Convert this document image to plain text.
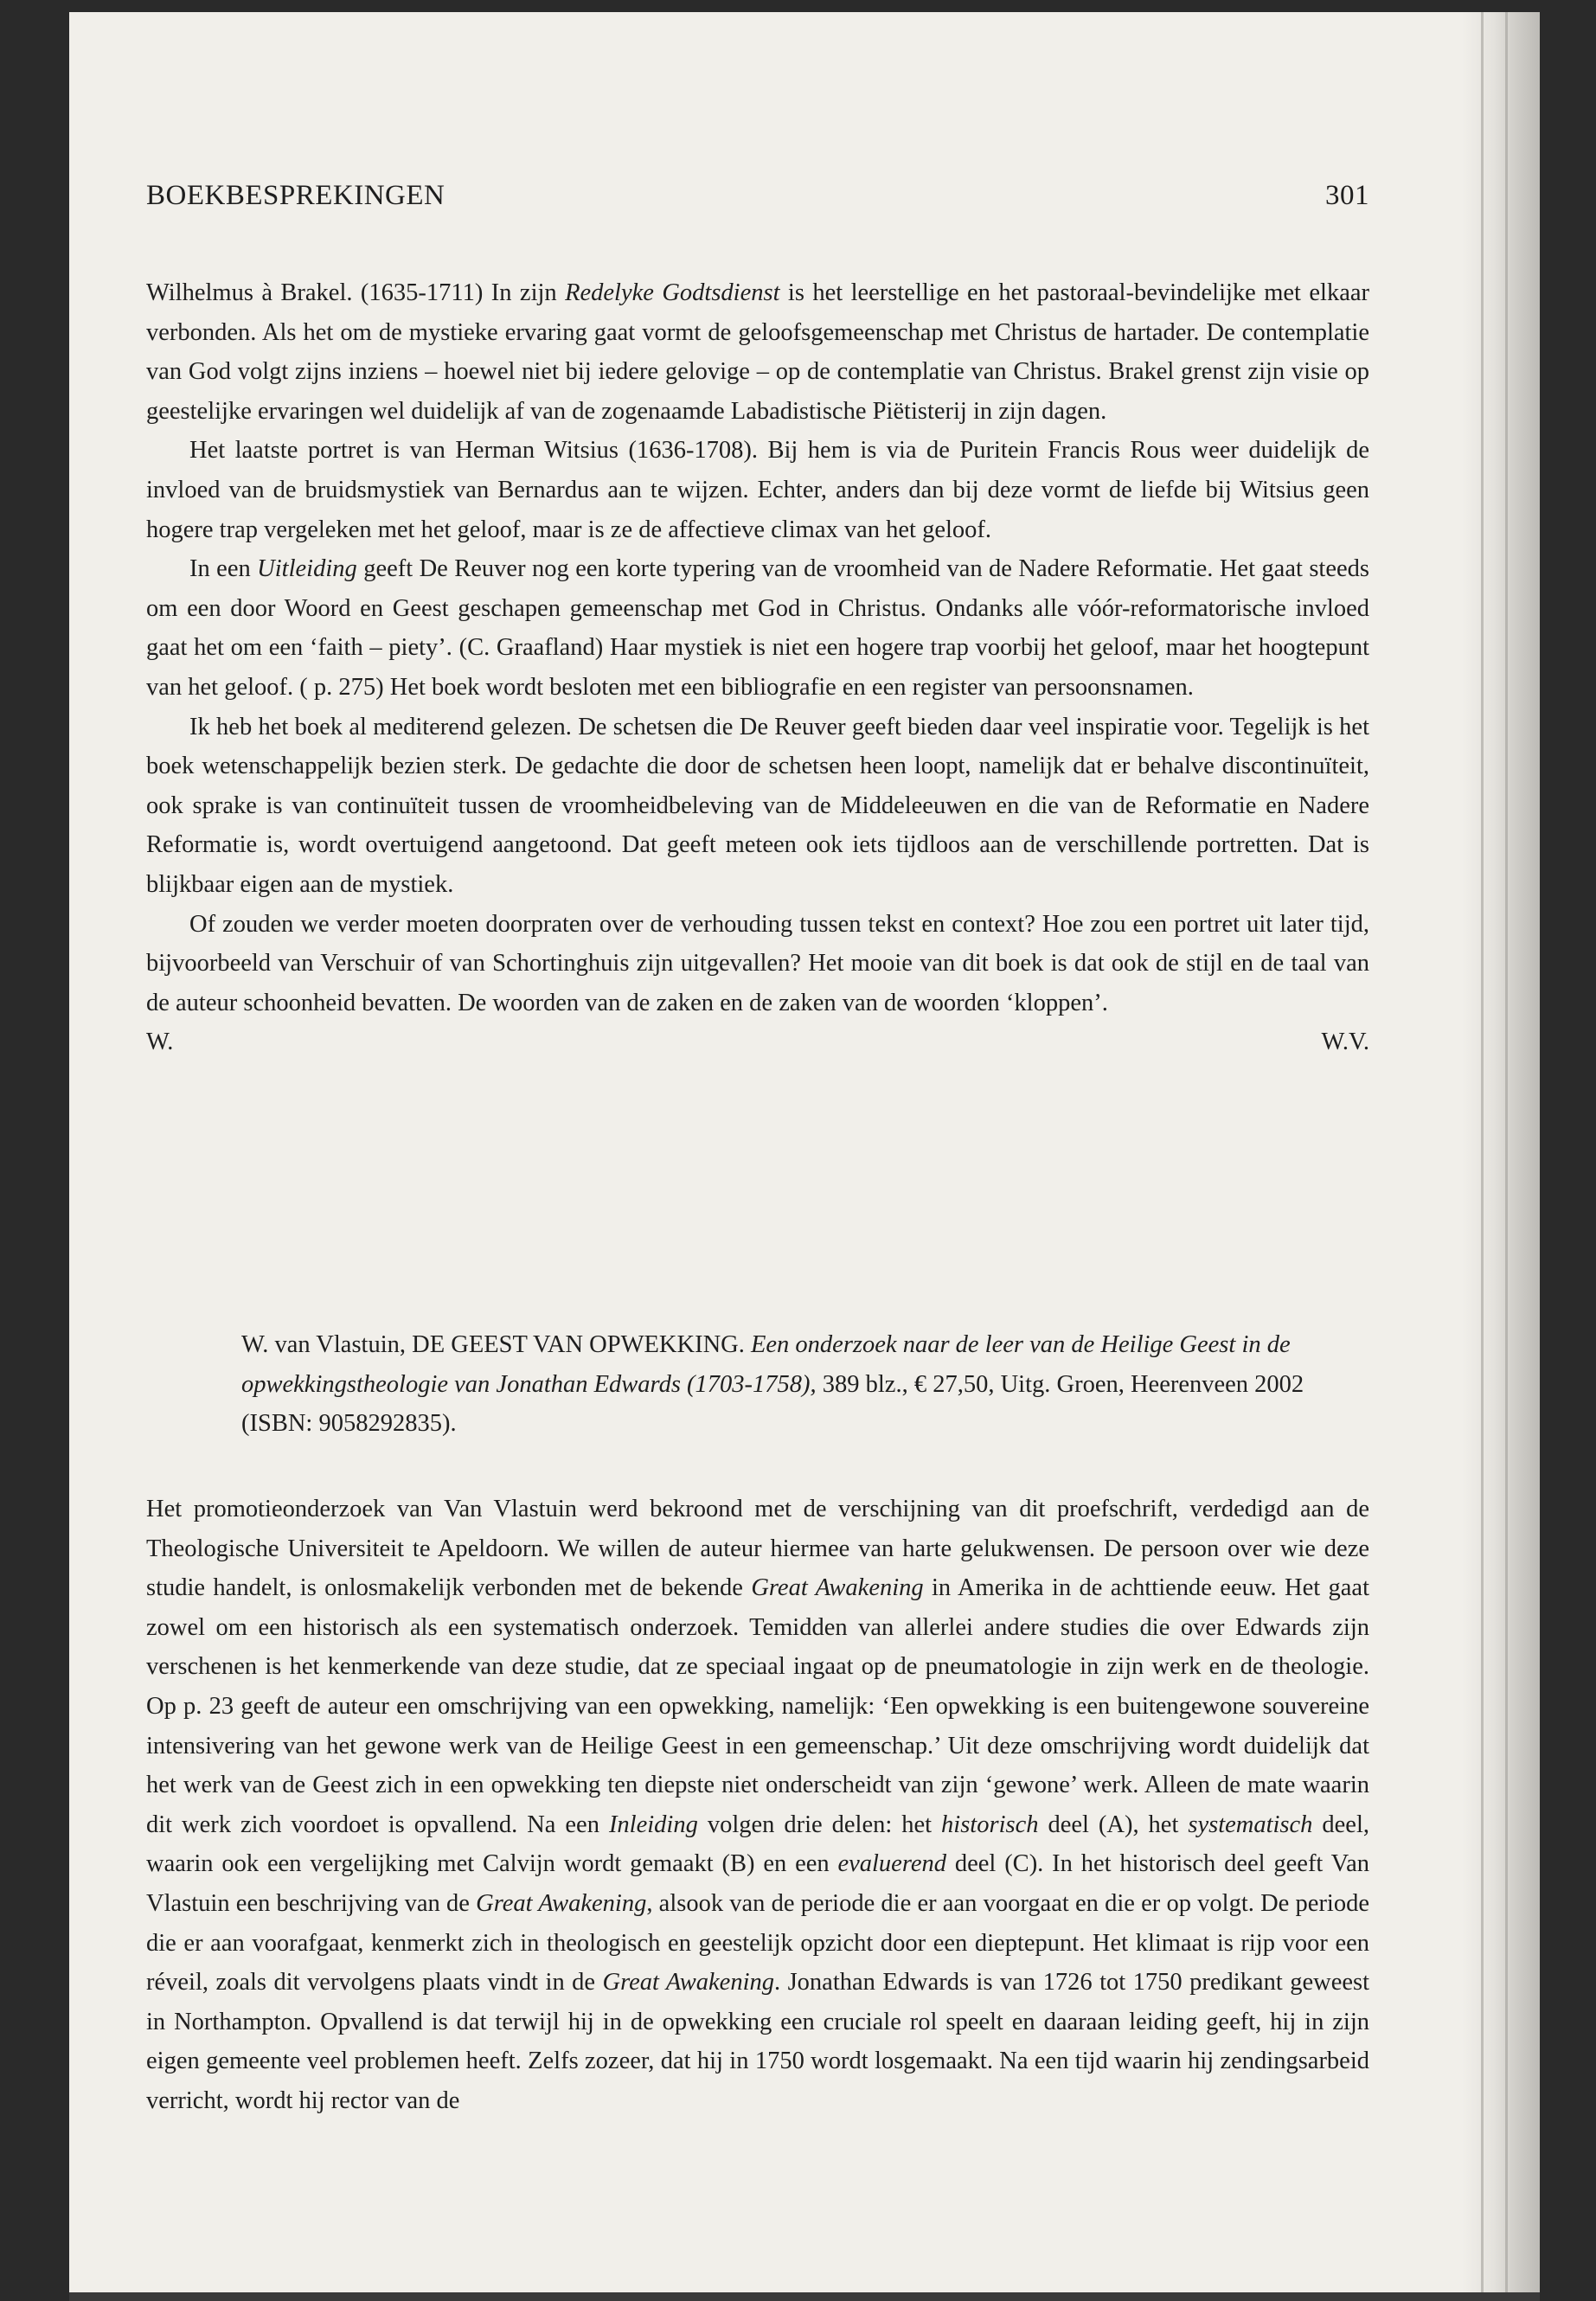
BOEKBESPREKINGEN	301

Wilhelmus à Brakel. (1635-1711) In zijn Redelyke Godtsdienst is het leerstellige en het pastoraal-bevindelijke met elkaar verbonden. Als het om de mystieke ervaring gaat vormt de geloofsgemeenschap met Christus de hartader. De contemplatie van God volgt zijns inziens – hoewel niet bij iedere gelovige – op de contemplatie van Christus. Brakel grenst zijn visie op geestelijke ervaringen wel duidelijk af van de zogenaamde Labadistische Piëtisterij in zijn dagen.

Het laatste portret is van Herman Witsius (1636-1708). Bij hem is via de Puritein Francis Rous weer duidelijk de invloed van de bruidsmystiek van Bernardus aan te wijzen. Echter, anders dan bij deze vormt de liefde bij Witsius geen hogere trap vergeleken met het geloof, maar is ze de affectieve climax van het geloof.

In een Uitleiding geeft De Reuver nog een korte typering van de vroomheid van de Nadere Reformatie. Het gaat steeds om een door Woord en Geest geschapen gemeenschap met God in Christus. Ondanks alle vóór-reformatorische invloed gaat het om een ‘faith – piety’. (C. Graafland) Haar mystiek is niet een hogere trap voorbij het geloof, maar het hoogtepunt van het geloof. ( p. 275) Het boek wordt besloten met een bibliografie en een register van persoonsnamen.

Ik heb het boek al mediterend gelezen. De schetsen die De Reuver geeft bieden daar veel inspiratie voor. Tegelijk is het boek wetenschappelijk bezien sterk. De gedachte die door de schetsen heen loopt, namelijk dat er behalve discontinuïteit, ook sprake is van continuïteit tussen de vroomheidbeleving van de Middeleeuwen en die van de Reformatie en Nadere Reformatie is, wordt overtuigend aangetoond. Dat geeft meteen ook iets tijdloos aan de verschillende portretten. Dat is blijkbaar eigen aan de mystiek.

Of zouden we verder moeten doorpraten over de verhouding tussen tekst en context? Hoe zou een portret uit later tijd, bijvoorbeeld van Verschuir of van Schortinghuis zijn uitgevallen? Het mooie van dit boek is dat ook de stijl en de taal van de auteur schoonheid bevatten. De woorden van de zaken en de zaken van de woorden ‘kloppen’.

W.	W.V.
W. van Vlastuin, DE GEEST VAN OPWEKKING. Een onderzoek naar de leer van de Heilige Geest in de opwekkingstheologie van Jonathan Edwards (1703-1758), 389 blz., € 27,50, Uitg. Groen, Heerenveen 2002 (ISBN: 9058292835).

Het promotieonderzoek van Van Vlastuin werd bekroond met de verschijning van dit proefschrift, verdedigd aan de Theologische Universiteit te Apeldoorn. We willen de auteur hiermee van harte gelukwensen. De persoon over wie deze studie handelt, is onlosmakelijk verbonden met de bekende Great Awakening in Amerika in de achttiende eeuw. Het gaat zowel om een historisch als een systematisch onderzoek. Temidden van allerlei andere studies die over Edwards zijn verschenen is het kenmerkende van deze studie, dat ze speciaal ingaat op de pneumatologie in zijn werk en de theologie. Op p. 23 geeft de auteur een omschrijving van een opwekking, namelijk: ‘Een opwekking is een buitengewone souvereine intensivering van het gewone werk van de Heilige Geest in een gemeenschap.’ Uit deze omschrijving wordt duidelijk dat het werk van de Geest zich in een opwekking ten diepste niet onderscheidt van zijn ‘gewone’ werk. Alleen de mate waarin dit werk zich voordoet is opvallend. Na een Inleiding volgen drie delen: het historisch deel (A), het systematisch deel, waarin ook een vergelijking met Calvijn wordt gemaakt (B) en een evaluerend deel (C). In het historisch deel geeft Van Vlastuin een beschrijving van de Great Awakening, alsook van de periode die er aan voorgaat en die er op volgt. De periode die er aan voorafgaat, kenmerkt zich in theologisch en geestelijk opzicht door een dieptepunt. Het klimaat is rijp voor een réveil, zoals dit vervolgens plaats vindt in de Great Awakening. Jonathan Edwards is van 1726 tot 1750 predikant geweest in Northampton. Opvallend is dat terwijl hij in de opwekking een cruciale rol speelt en daaraan leiding geeft, hij in zijn eigen gemeente veel problemen heeft. Zelfs zozeer, dat hij in 1750 wordt losgemaakt. Na een tijd waarin hij zendingsarbeid verricht, wordt hij rector van de
